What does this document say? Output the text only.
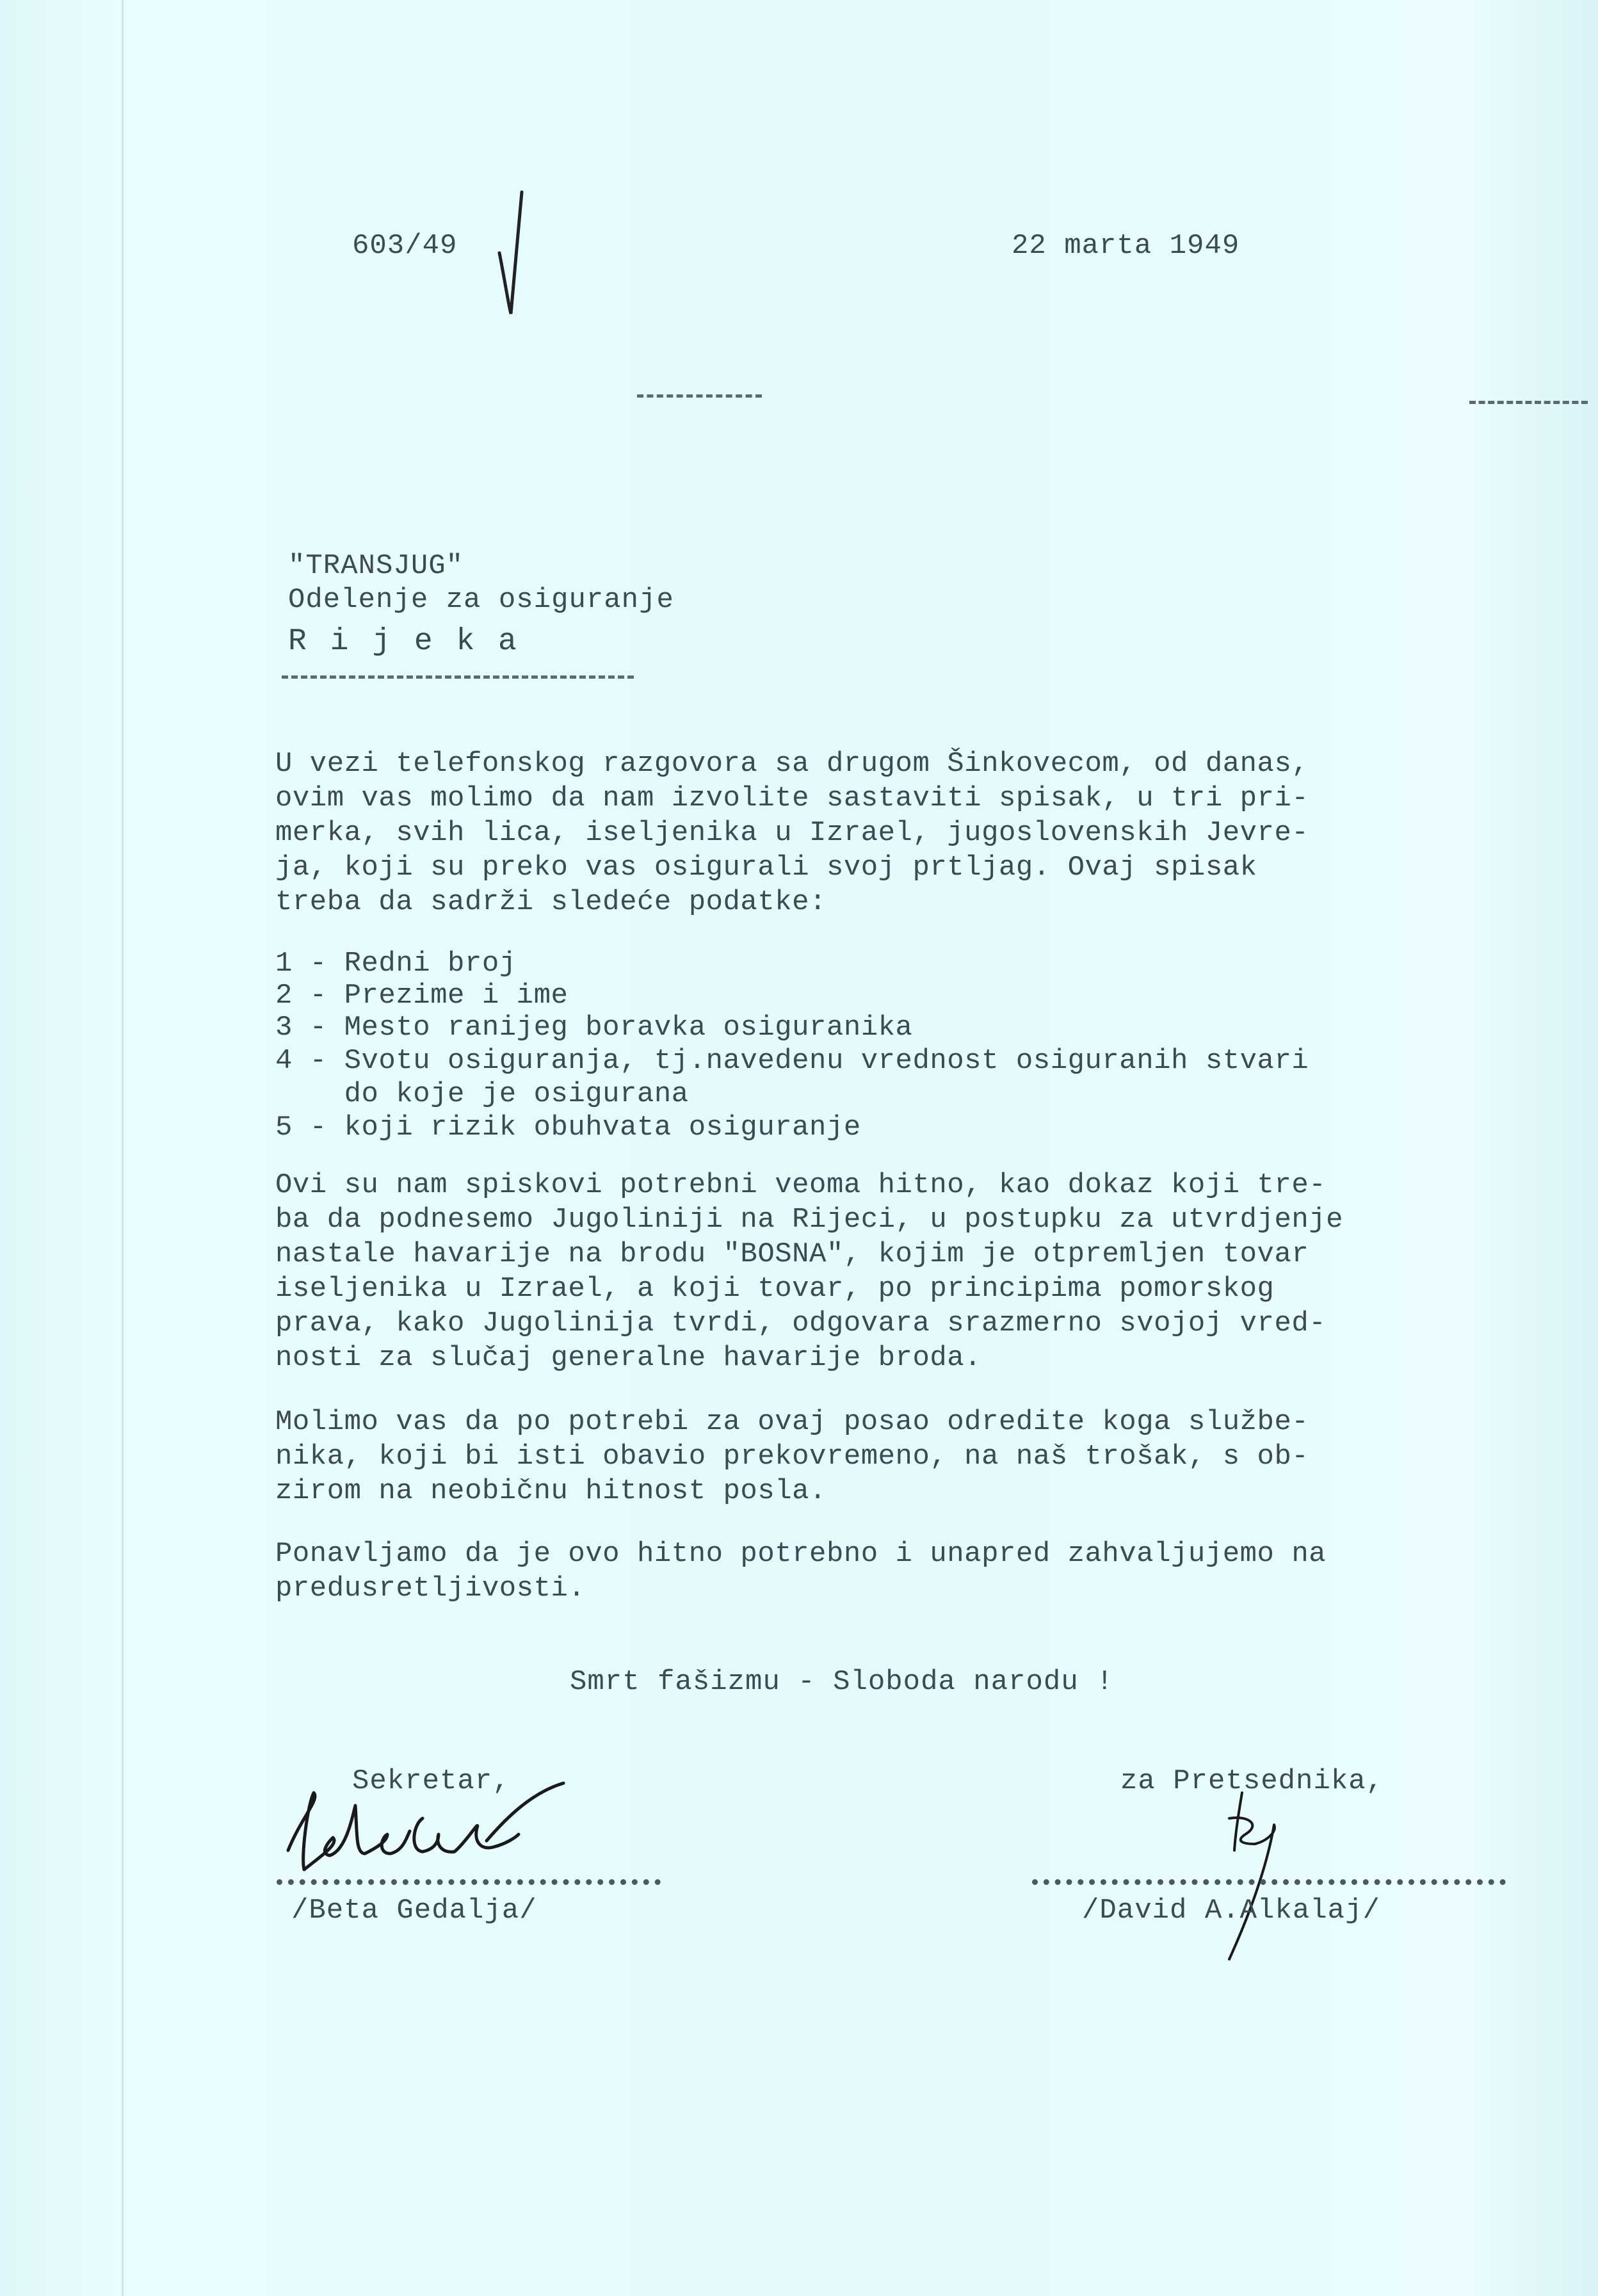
603/49	22 marta 1949
"TRANSJUG"
Odelenje za osiguranje
R i j e k a
U vezi telefonskog razgovora sa drugom Šinkovecom, od danas,
ovim vas molimo da nam izvolite sastaviti spisak, u tri pri-
merka, svih lica, iseljenika u Izrael, jugoslovenskih Jevre-
ja, koji su preko vas osigurali svoj prtljag. Ovaj spisak
treba da sadrži sledeće podatke:
1 - Redni broj
2 - Prezime i ime
3 - Mesto ranijeg boravka osiguranika
4 - Svotu osiguranja, tj.navedenu vrednost osiguranih stvari
do koje je osigurana
5 - koji rizik obuhvata osiguranje
Ovi su nam spiskovi potrebni veoma hitno, kao dokaz koji tre-
ba da podnesemo Jugoliniji na Rijeci, u postupku za utvrdjenje
nastale havarije na brodu "BOSNA", kojim je otpremljen tovar
iseljenika u Izrael, a koji tovar, po principima pomorskog
prava, kako Jugolinija tvrdi, odgovara srazmerno svojoj vred-
nosti za slučaj generalne havarije broda.
Molimo vas da po potrebi za ovaj posao odredite koga službe-
nika, koji bi isti obavio prekovremeno, na naš trošak, s ob-
zirom na neobičnu hitnost posla.
Ponavljamo da je ovo hitno potrebno i unapred zahvaljujemo na
predusretljivosti.
Smrt fašizmu - Sloboda narodu !
Sekretar,
/Beta Gedalja/
za Pretsednika,
/David A.Alkalaj/
